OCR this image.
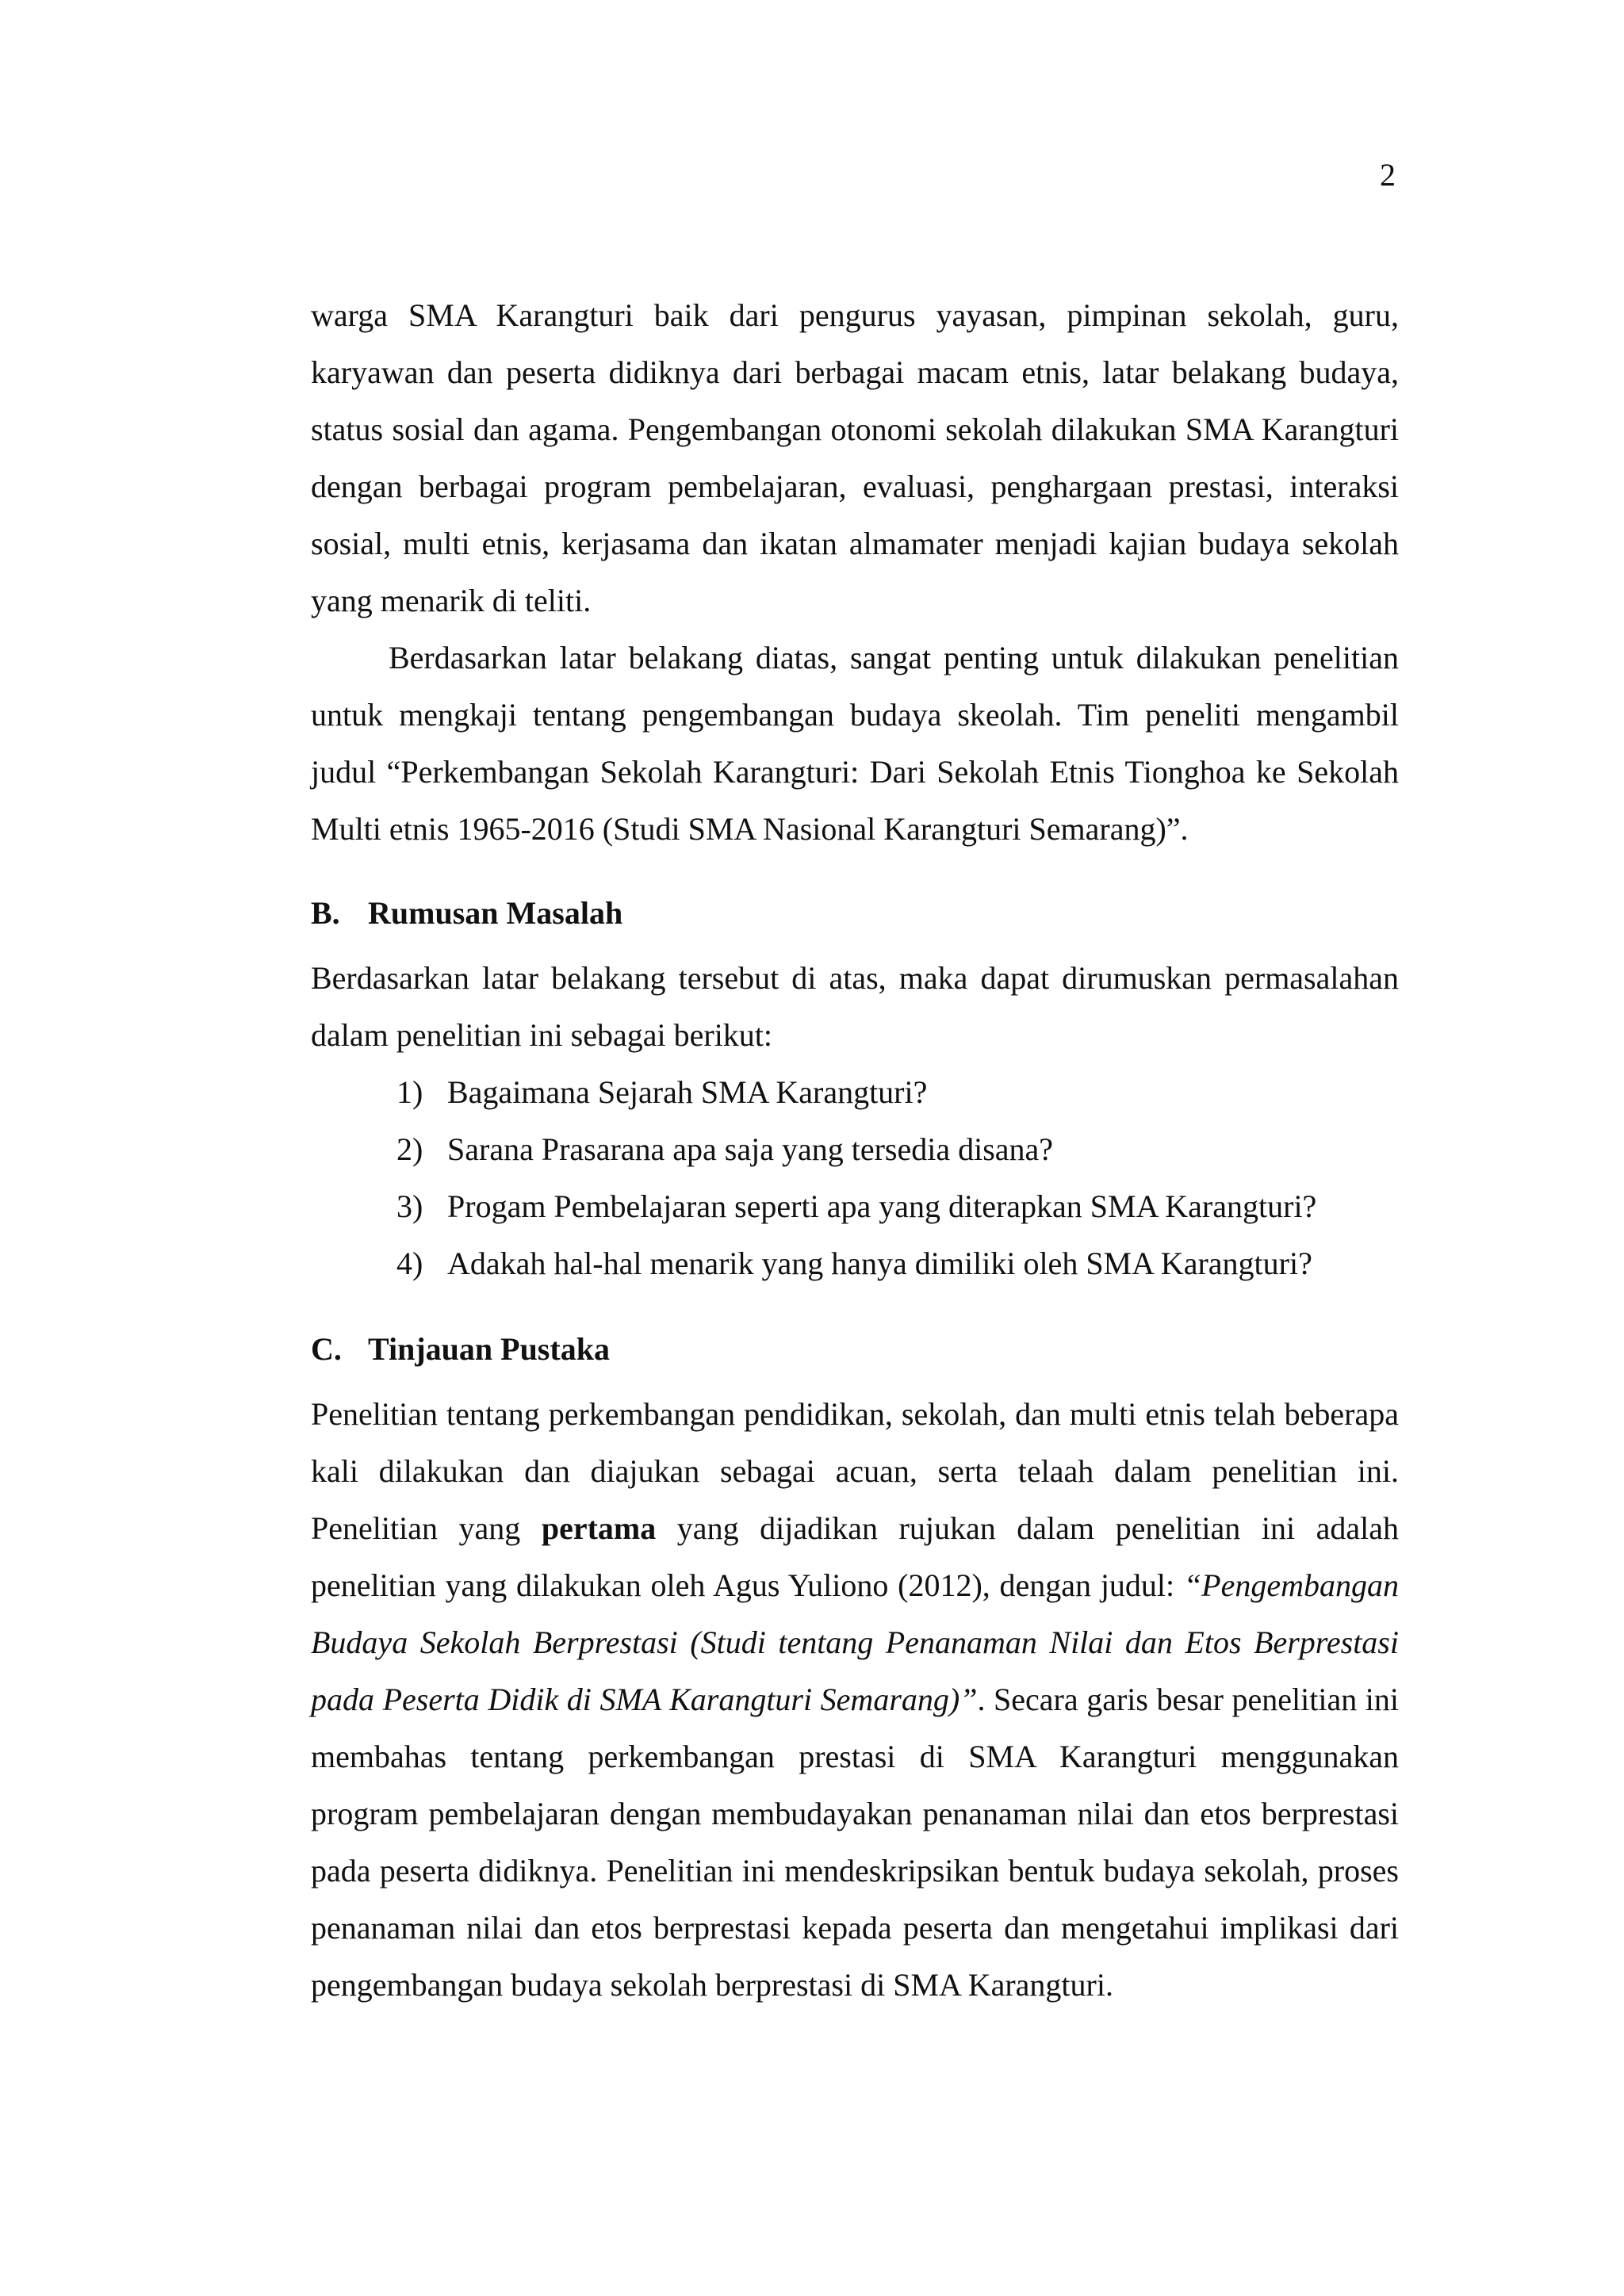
2

warga SMA Karangturi baik dari pengurus yayasan, pimpinan sekolah, guru, karyawan dan peserta didiknya dari berbagai macam etnis, latar belakang budaya, status sosial dan agama. Pengembangan otonomi sekolah dilakukan SMA Karangturi dengan berbagai program pembelajaran, evaluasi, penghargaan prestasi, interaksi sosial, multi etnis, kerjasama dan ikatan almamater menjadi kajian budaya sekolah yang menarik di teliti.

Berdasarkan latar belakang diatas, sangat penting untuk dilakukan penelitian untuk mengkaji tentang pengembangan budaya skeolah. Tim peneliti mengambil judul “Perkembangan Sekolah Karangturi: Dari Sekolah Etnis Tionghoa ke Sekolah Multi etnis 1965-2016 (Studi SMA Nasional Karangturi Semarang)”.

B. Rumusan Masalah

Berdasarkan latar belakang tersebut di atas, maka dapat dirumuskan permasalahan dalam penelitian ini sebagai berikut:

1) Bagaimana Sejarah SMA Karangturi?
2) Sarana Prasarana apa saja yang tersedia disana?
3) Progam Pembelajaran seperti apa yang diterapkan SMA Karangturi?
4) Adakah hal-hal menarik yang hanya dimiliki oleh SMA Karangturi?
C. Tinjauan Pustaka

Penelitian tentang perkembangan pendidikan, sekolah, dan multi etnis telah beberapa kali dilakukan dan diajukan sebagai acuan, serta telaah dalam penelitian ini. Penelitian yang pertama yang dijadikan rujukan dalam penelitian ini adalah penelitian yang dilakukan oleh Agus Yuliono (2012), dengan judul: “Pengembangan Budaya Sekolah Berprestasi (Studi tentang Penanaman Nilai dan Etos Berprestasi pada Peserta Didik di SMA Karangturi Semarang)”. Secara garis besar penelitian ini membahas tentang perkembangan prestasi di SMA Karangturi menggunakan program pembelajaran dengan membudayakan penanaman nilai dan etos berprestasi pada peserta didiknya. Penelitian ini mendeskripsikan bentuk budaya sekolah, proses penanaman nilai dan etos berprestasi kepada peserta dan mengetahui implikasi dari pengembangan budaya sekolah berprestasi di SMA Karangturi.
